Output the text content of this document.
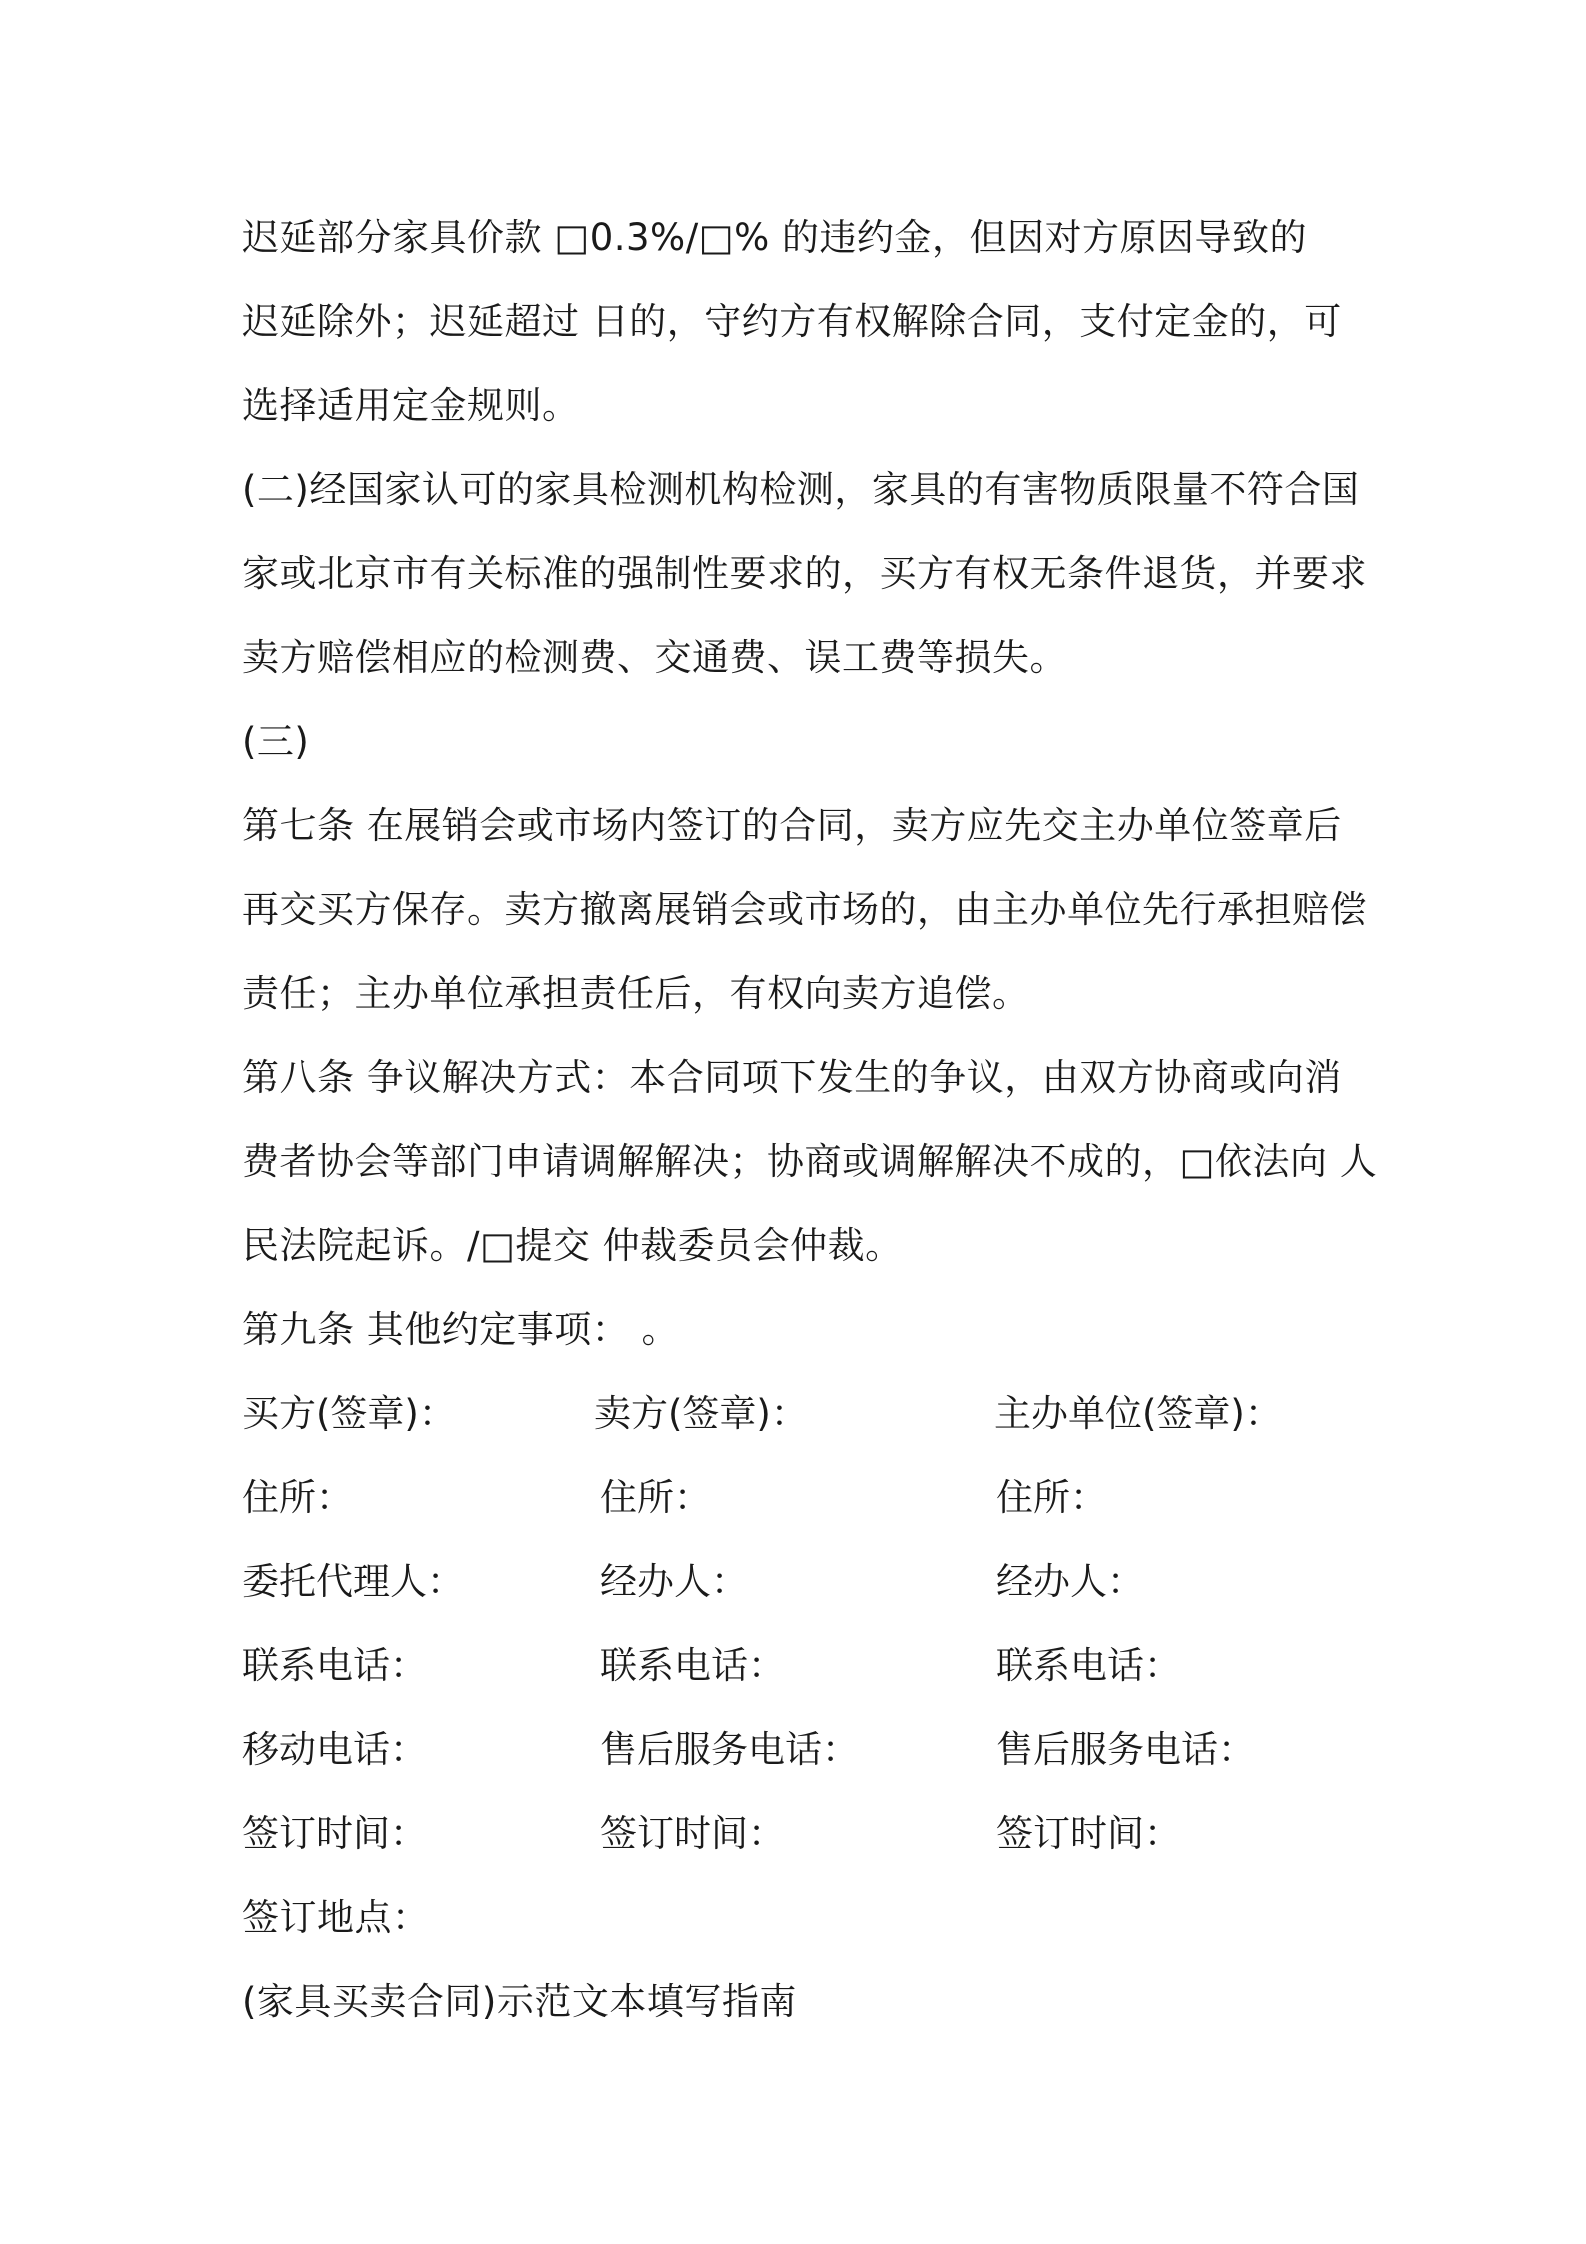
迟延部分家具价款 □0.3%/□% 的违约金，但因对方原因导致的
迟延除外；迟延超过 日的，守约方有权解除合同，支付定金的，可
选择适用定金规则。
(二)经国家认可的家具检测机构检测，家具的有害物质限量不符合国
家或北京市有关标准的强制性要求的，买方有权无条件退货，并要求
卖方赔偿相应的检测费、交通费、误工费等损失。
(三)
第七条 在展销会或市场内签订的合同，卖方应先交主办单位签章后
再交买方保存。卖方撤离展销会或市场的，由主办单位先行承担赔偿
责任；主办单位承担责任后，有权向卖方追偿。
第八条 争议解决方式：本合同项下发生的争议，由双方协商或向消
费者协会等部门申请调解解决；协商或调解解决不成的，□依法向 人
民法院起诉。/□提交 仲裁委员会仲裁。
第九条 其他约定事项： 。
买方(签章)：	卖方(签章)：	主办单位(签章)：
住所：	住所：	住所：
委托代理人：	经办人：	经办人：
联系电话：	联系电话：	联系电话：
移动电话：	售后服务电话：	售后服务电话：
签订时间：	签订时间：	签订时间：
签订地点：
(家具买卖合同)示范文本填写指南
